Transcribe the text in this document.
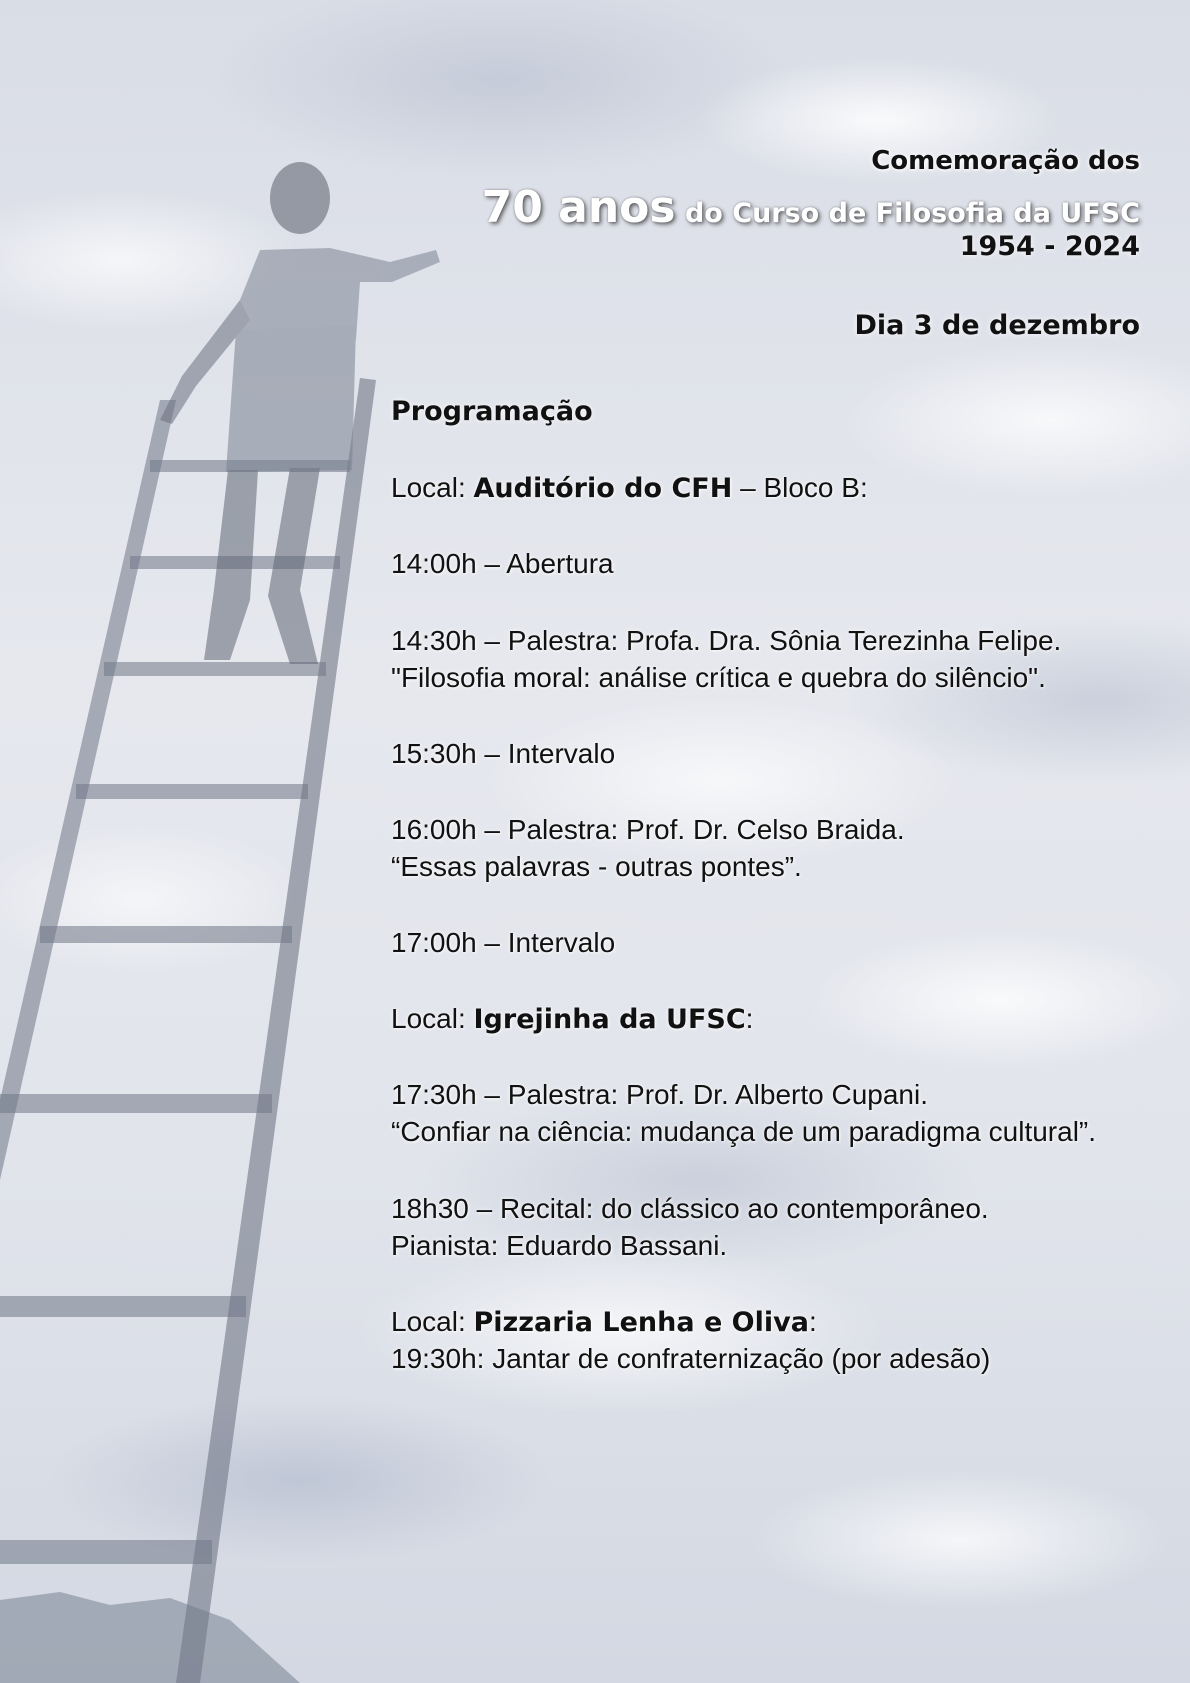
Comemoração dos
70 anos do Curso de Filosofia da UFSC
1954 - 2024
Dia 3 de dezembro
Programação
Local: Auditório do CFH – Bloco B:
14:00h – Abertura
14:30h – Palestra: Profa. Dra. Sônia Terezinha Felipe.
"Filosofia moral: análise crítica e quebra do silêncio".
15:30h – Intervalo
16:00h – Palestra: Prof. Dr. Celso Braida.
“Essas palavras - outras pontes”.
17:00h – Intervalo
Local: Igrejinha da UFSC:
17:30h – Palestra: Prof. Dr. Alberto Cupani.
“Confiar na ciência: mudança de um paradigma cultural”.
18h30 – Recital: do clássico ao contemporâneo.
Pianista: Eduardo Bassani.
Local: Pizzaria Lenha e Oliva:
19:30h: Jantar de confraternização (por adesão)
